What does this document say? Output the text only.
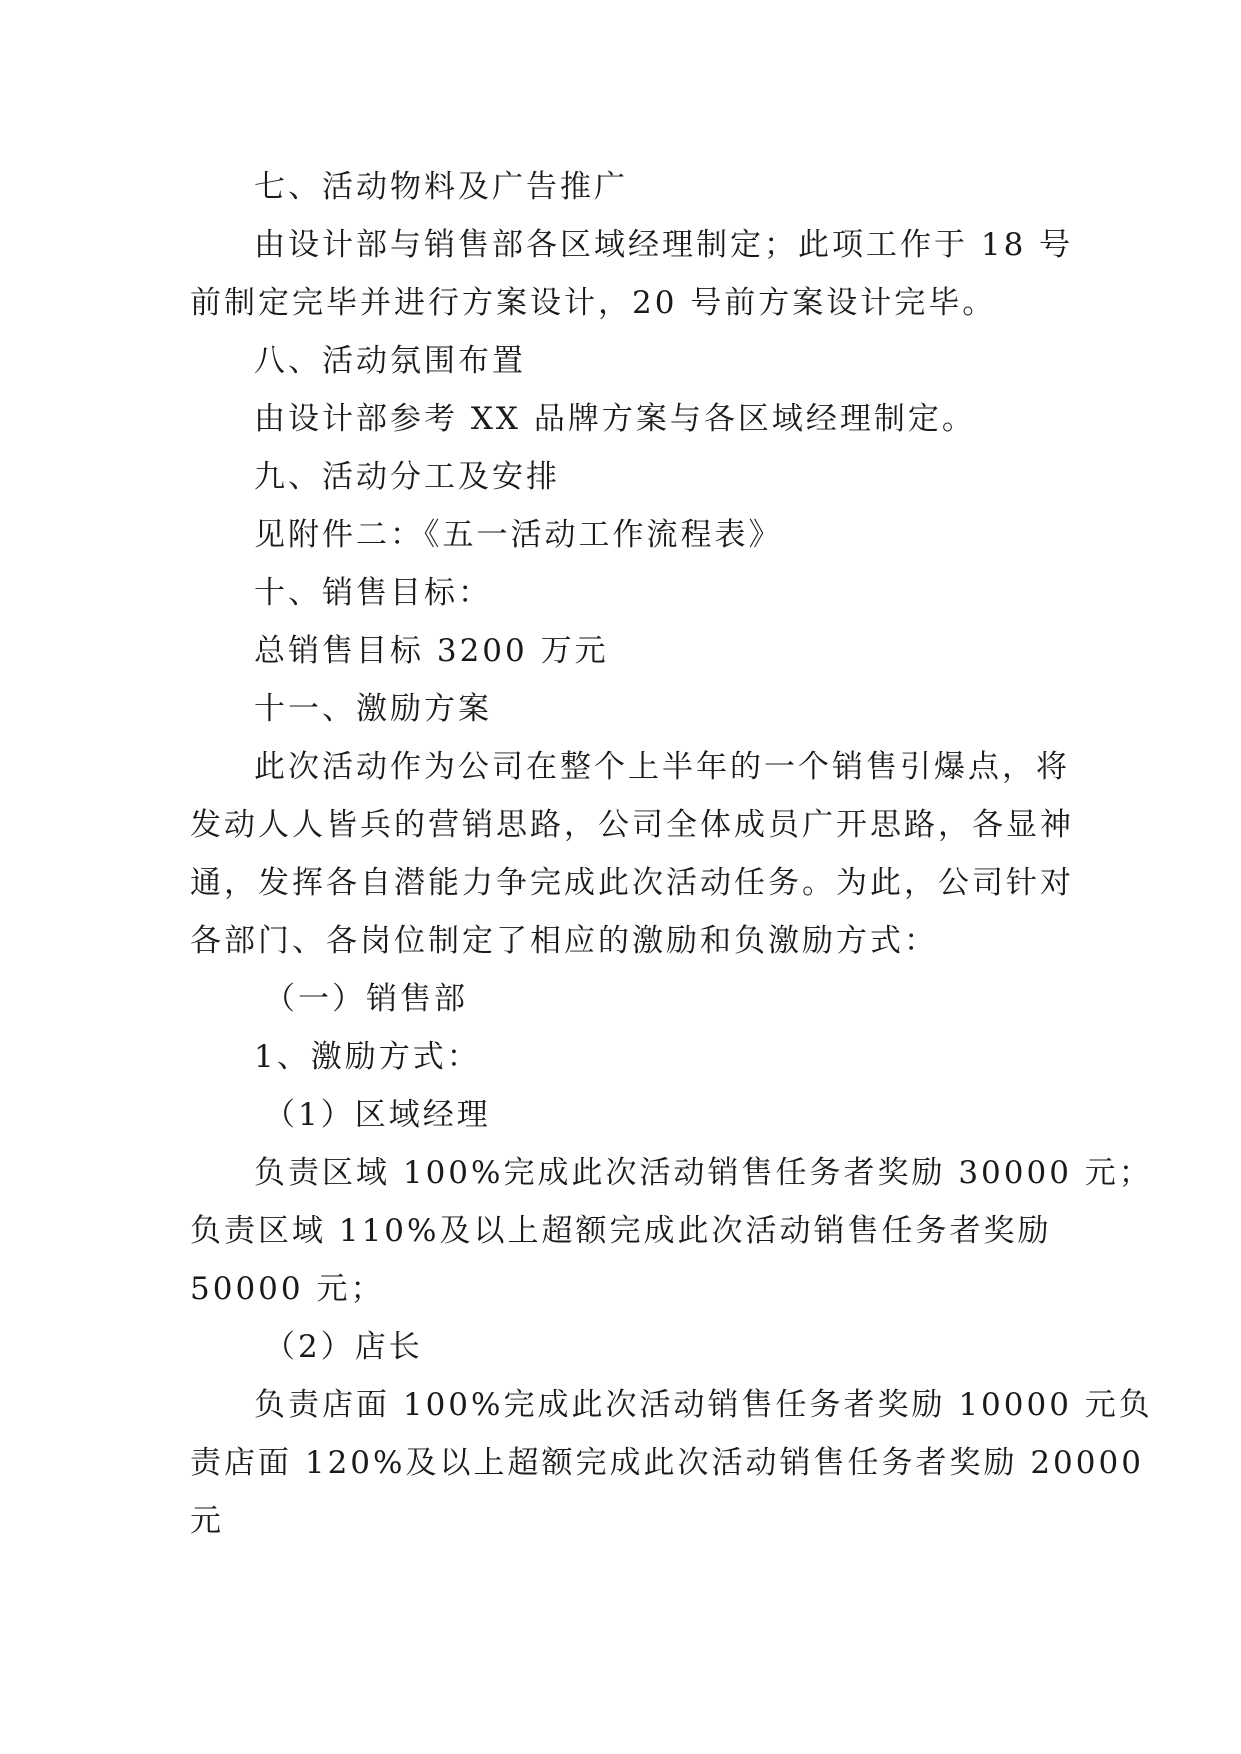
七、活动物料及广告推广

由设计部与销售部各区域经理制定；此项工作于 18 号

前制定完毕并进行方案设计，20 号前方案设计完毕。

八、活动氛围布置

由设计部参考 XX 品牌方案与各区域经理制定。

九、活动分工及安排

见附件二：《五一活动工作流程表》

十、销售目标：

总销售目标 3200 万元

十一、激励方案

此次活动作为公司在整个上半年的一个销售引爆点，将

发动人人皆兵的营销思路，公司全体成员广开思路，各显神

通，发挥各自潜能力争完成此次活动任务。为此，公司针对

各部门、各岗位制定了相应的激励和负激励方式：

（一）销售部

1、激励方式：

（1）区域经理

负责区域 100%完成此次活动销售任务者奖励 30000 元；

负责区域 110%及以上超额完成此次活动销售任务者奖励

50000 元；

（2）店长

负责店面 100%完成此次活动销售任务者奖励 10000 元负

责店面 120%及以上超额完成此次活动销售任务者奖励 20000

元
